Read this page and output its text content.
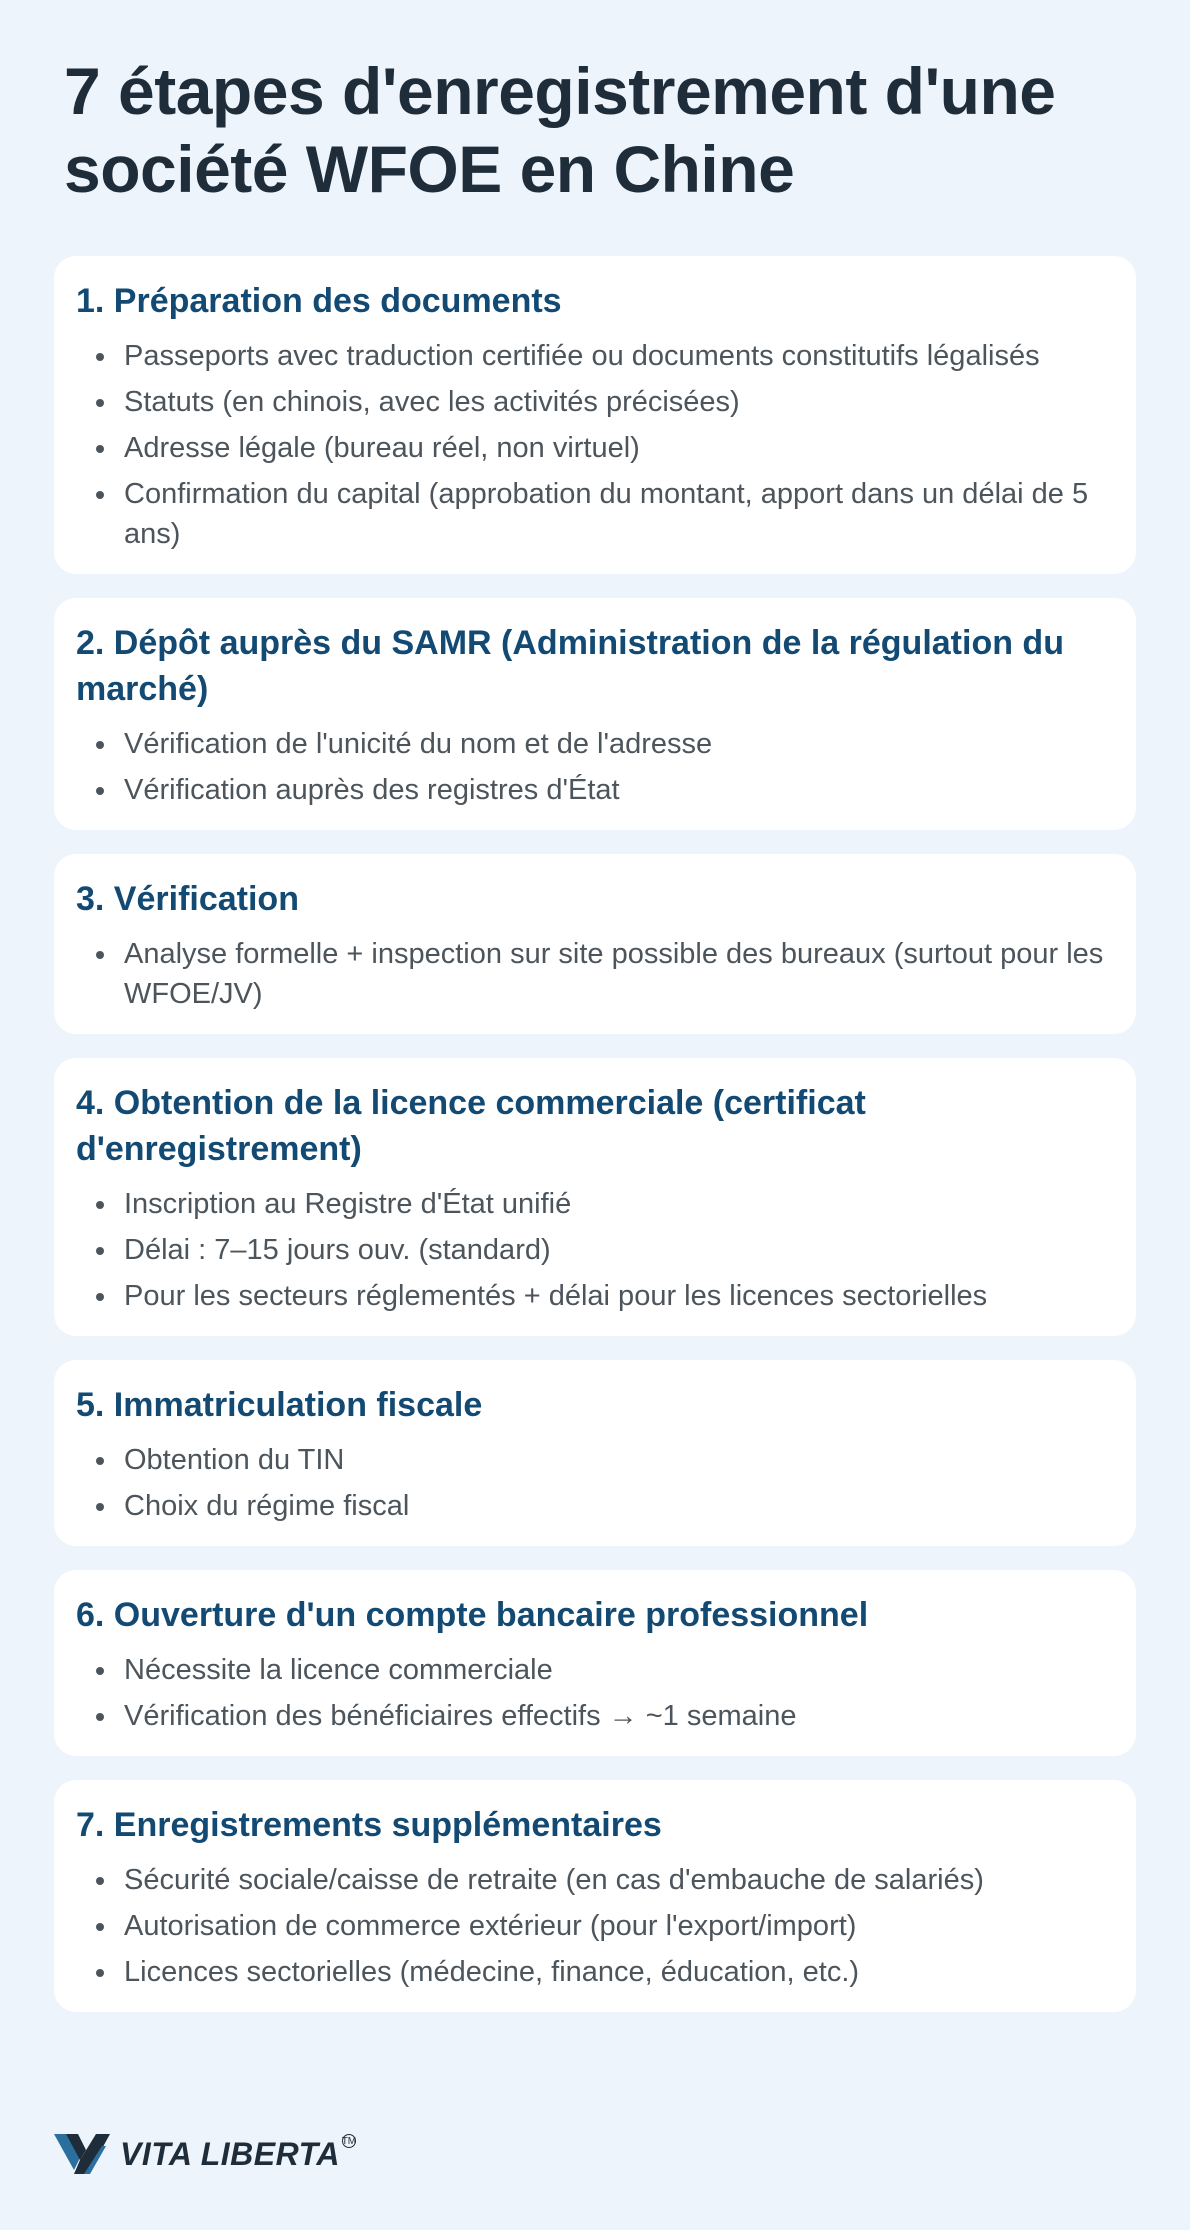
7 étapes d'enregistrement d'une société WFOE en Chine
1. Préparation des documents
Passeports avec traduction certifiée ou documents constitutifs légalisés
Statuts (en chinois, avec les activités précisées)
Adresse légale (bureau réel, non virtuel)
Confirmation du capital (approbation du montant, apport dans un délai de 5 ans)
2. Dépôt auprès du SAMR (Administration de la régulation du marché)
Vérification de l'unicité du nom et de l'adresse
Vérification auprès des registres d'État
3. Vérification
Analyse formelle + inspection sur site possible des bureaux (surtout pour les WFOE/JV)
4. Obtention de la licence commerciale (certificat d'enregistrement)
Inscription au Registre d'État unifié
Délai : 7–15 jours ouv. (standard)
Pour les secteurs réglementés + délai pour les licences sectorielles
5. Immatriculation fiscale
Obtention du TIN
Choix du régime fiscal
6. Ouverture d'un compte bancaire professionnel
Nécessite la licence commerciale
Vérification des bénéficiaires effectifs → ~1 semaine
7. Enregistrements supplémentaires
Sécurité sociale/caisse de retraite (en cas d'embauche de salariés)
Autorisation de commerce extérieur (pour l'export/import)
Licences sectorielles (médecine, finance, éducation, etc.)
VITA LIBERTA TM
